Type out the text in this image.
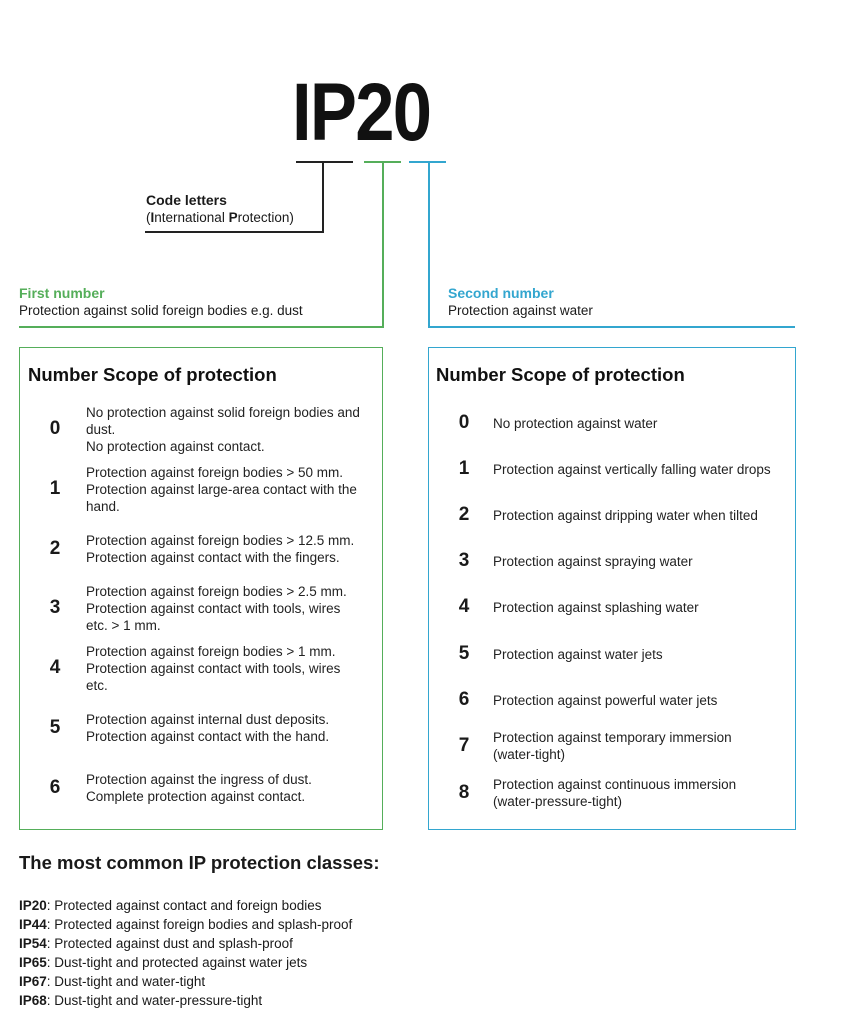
IP20
Code letters
(International Protection)
First number
Protection against solid foreign bodies e.g. dust
Second number
Protection against water
Number Scope of protection
0
No protection against solid foreign bodies and
dust.
No protection against contact.
1
Protection against foreign bodies > 50 mm.
Protection against large-area contact with the
hand.
2	Protection against foreign bodies > 12.5 mm.
Protection against contact with the fingers.
3
Protection against foreign bodies > 2.5 mm.
Protection against contact with tools, wires
etc. > 1 mm.
4
Protection against foreign bodies > 1 mm.
Protection against contact with tools, wires
etc.
5	Protection against internal dust deposits.
Protection against contact with the hand.
6	Protection against the ingress of dust.
Complete protection against contact.
Number Scope of protection
0	No protection against water
1	Protection against vertically falling water drops
2	Protection against dripping water when tilted
3	Protection against spraying water
4	Protection against splashing water
5	Protection against water jets
6	Protection against powerful water jets
7	Protection against temporary immersion
(water-tight)
8	Protection against continuous immersion
(water-pressure-tight)
The most common IP protection classes:
IP20: Protected against contact and foreign bodies
IP44: Protected against foreign bodies and splash-proof
IP54: Protected against dust and splash-proof
IP65: Dust-tight and protected against water jets
IP67: Dust-tight and water-tight
IP68: Dust-tight and water-pressure-tight
